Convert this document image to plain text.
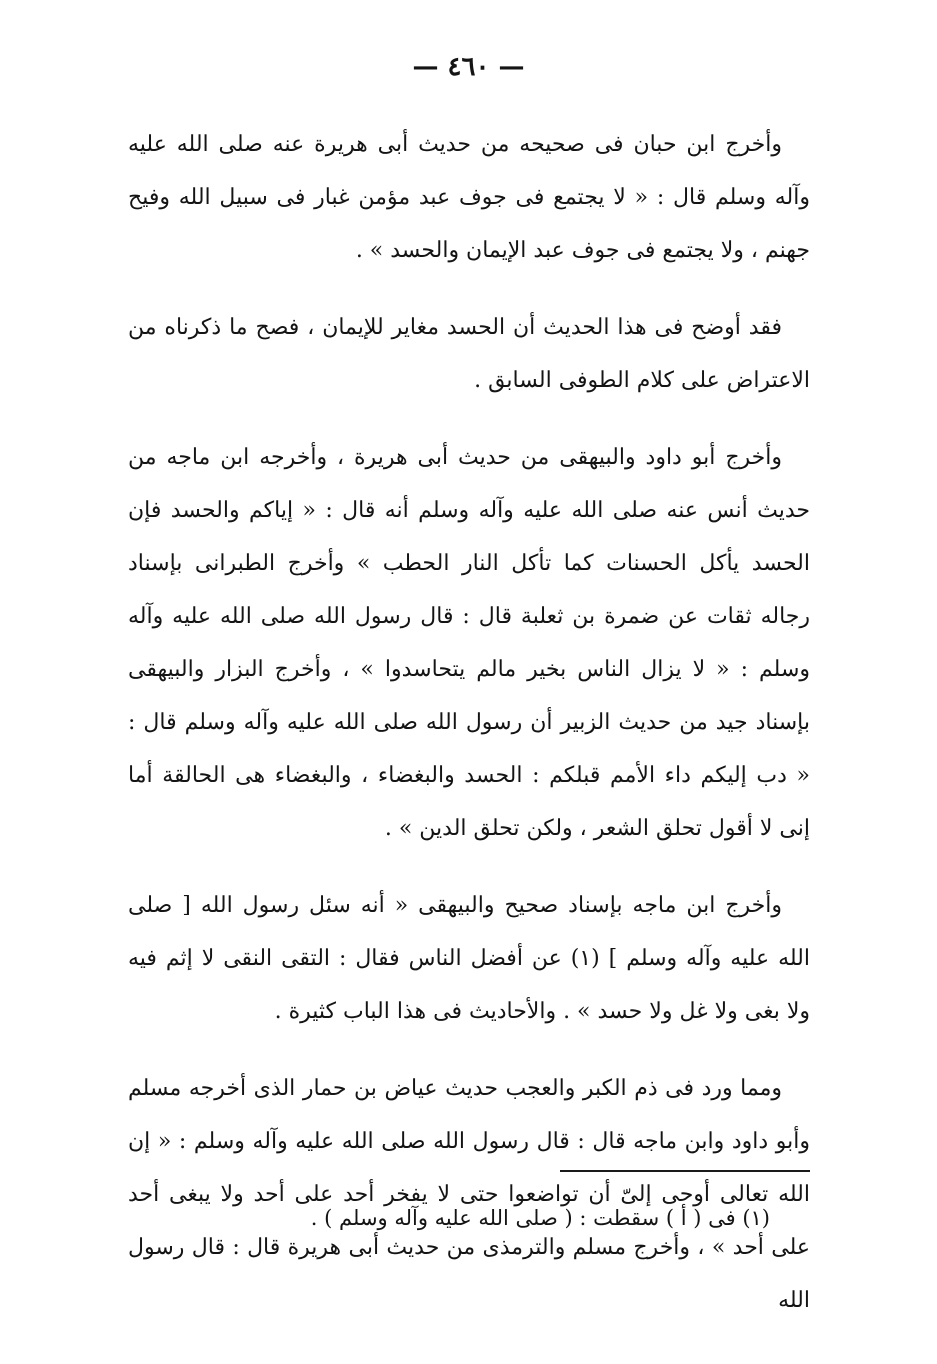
— ٤٦٠ —

وأخرج ابن حبان فى صحيحه من حديث أبى هريرة عنه صلى الله عليه وآله وسلم قال : « لا يجتمع فى جوف عبد مؤمن غبار فى سبيل الله وفيح جهنم ، ولا يجتمع فى جوف عبد الإيمان والحسد » .

فقد أوضح فى هذا الحديث أن الحسد مغاير للإيمان ، فصح ما ذكرناه من الاعتراض على كلام الطوفى السابق .

وأخرج أبو داود والبيهقى من حديث أبى هريرة ، وأخرجه ابن ماجه من حديث أنس عنه صلى الله عليه وآله وسلم أنه قال : « إياكم والحسد فإن الحسد يأكل الحسنات كما تأكل النار الحطب » وأخرج الطبرانى بإسناد رجاله ثقات عن ضمرة بن ثعلبة قال : قال رسول الله صلى الله عليه وآله وسلم : « لا يزال الناس بخير مالم يتحاسدوا » ، وأخرج البزار والبيهقى بإسناد جيد من حديث الزبير أن رسول الله صلى الله عليه وآله وسلم قال : « دب إليكم داء الأمم قبلكم : الحسد والبغضاء ، والبغضاء هى الحالقة أما إنى لا أقول تحلق الشعر ، ولكن تحلق الدين » .

وأخرج ابن ماجه بإسناد صحيح والبيهقى « أنه سئل رسول الله [ صلى الله عليه وآله وسلم ] (١) عن أفضل الناس فقال : التقى النقى لا إثم فيه ولا بغى ولا غل ولا حسد » . والأحاديث فى هذا الباب كثيرة .

ومما ورد فى ذم الكبر والعجب حديث عياض بن حمار الذى أخرجه مسلم وأبو داود وابن ماجه قال : قال رسول الله صلى الله عليه وآله وسلم : « إن الله تعالى أوحى إلىّ أن تواضعوا حتى لا يفخر أحد على أحد ولا يبغى أحد على أحد » ، وأخرج مسلم والترمذى من حديث أبى هريرة قال : قال رسول الله

(١) فى ( أ ) سقطت : ( صلى الله عليه وآله وسلم ) .
